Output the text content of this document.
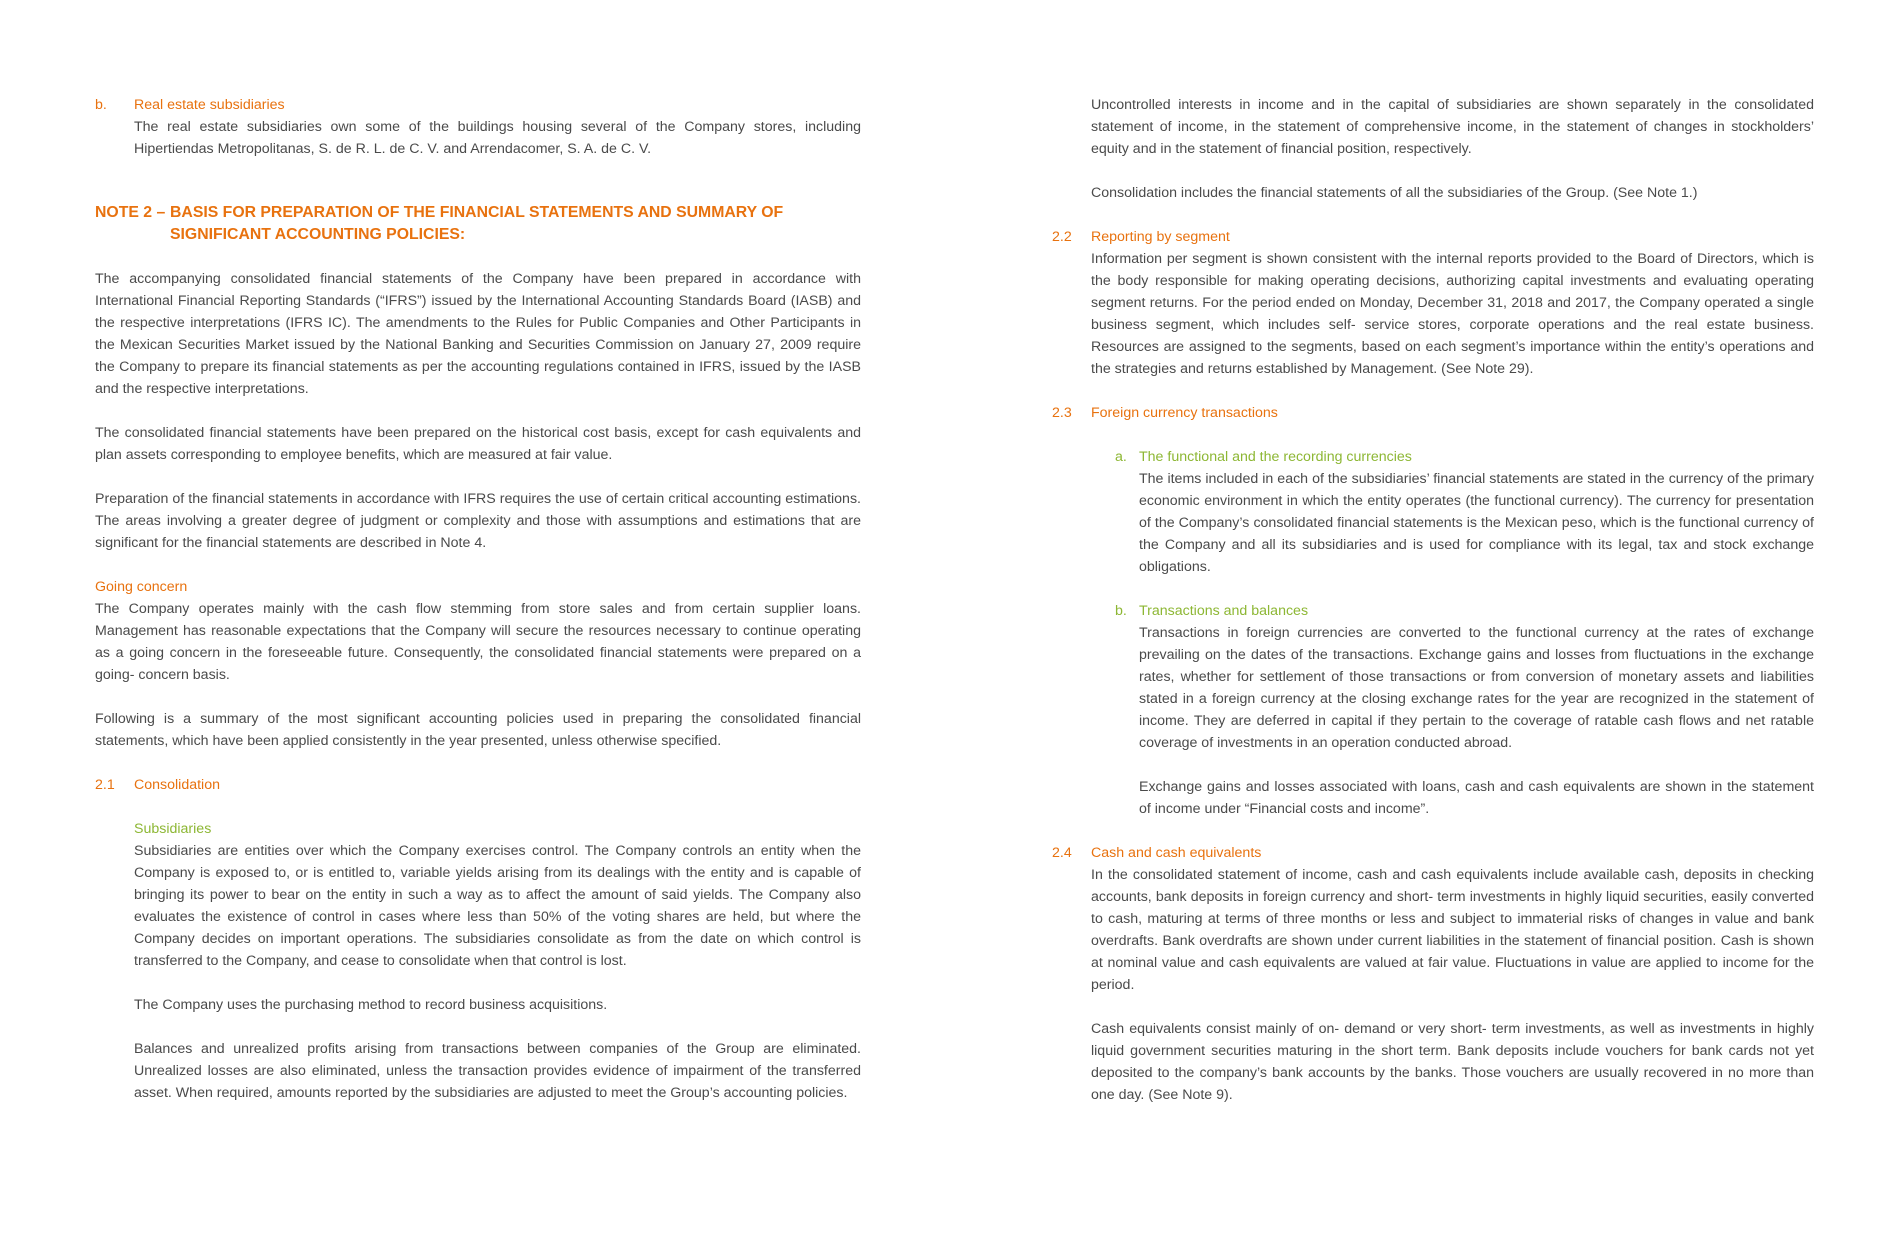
b. Real estate subsidiaries

The real estate subsidiaries own some of the buildings housing several of the Company stores, including Hipertiendas Metropolitanas, S. de R. L. de C. V. and Arrendacomer, S. A. de C. V.

NOTE 2 – BASIS FOR PREPARATION OF THE FINANCIAL STATEMENTS AND SUMMARY OF SIGNIFICANT ACCOUNTING POLICIES:

The accompanying consolidated financial statements of the Company have been prepared in accordance with International Financial Reporting Standards (“IFRS”) issued by the International Accounting Standards Board (IASB) and the respective interpretations (IFRS IC). The amendments to the Rules for Public Companies and Other Participants in the Mexican Securities Market issued by the National Banking and Securities Commission on January 27, 2009 require the Company to prepare its financial statements as per the accounting regulations contained in IFRS, issued by the IASB and the respective interpretations.

The consolidated financial statements have been prepared on the historical cost basis, except for cash equivalents and plan assets corresponding to employee benefits, which are measured at fair value.

Preparation of the financial statements in accordance with IFRS requires the use of certain critical accounting estimations. The areas involving a greater degree of judgment or complexity and those with assumptions and estimations that are significant for the financial statements are described in Note 4.

Going concern

The Company operates mainly with the cash flow stemming from store sales and from certain supplier loans. Management has reasonable expectations that the Company will secure the resources necessary to continue operating as a going concern in the foreseeable future. Consequently, the consolidated financial statements were prepared on a going- concern basis.

Following is a summary of the most significant accounting policies used in preparing the consolidated financial statements, which have been applied consistently in the year presented, unless otherwise specified.

2.1 Consolidation
Subsidiaries

Subsidiaries are entities over which the Company exercises control. The Company controls an entity when the Company is exposed to, or is entitled to, variable yields arising from its dealings with the entity and is capable of bringing its power to bear on the entity in such a way as to affect the amount of said yields. The Company also evaluates the existence of control in cases where less than 50% of the voting shares are held, but where the Company decides on important operations. The subsidiaries consolidate as from the date on which control is transferred to the Company, and cease to consolidate when that control is lost.

The Company uses the purchasing method to record business acquisitions.

Balances and unrealized profits arising from transactions between companies of the Group are eliminated. Unrealized losses are also eliminated, unless the transaction provides evidence of impairment of the transferred asset. When required, amounts reported by the subsidiaries are adjusted to meet the Group’s accounting policies.

Uncontrolled interests in income and in the capital of subsidiaries are shown separately in the consolidated statement of income, in the statement of comprehensive income, in the statement of changes in stockholders’ equity and in the statement of financial position, respectively.

Consolidation includes the financial statements of all the subsidiaries of the Group. (See Note 1.)

2.2 Reporting by segment

Information per segment is shown consistent with the internal reports provided to the Board of Directors, which is the body responsible for making operating decisions, authorizing capital investments and evaluating operating segment returns. For the period ended on Monday, December 31, 2018 and 2017, the Company operated a single business segment, which includes self- service stores, corporate operations and the real estate business. Resources are assigned to the segments, based on each segment’s importance within the entity’s operations and the strategies and returns established by Management. (See Note 29).

2.3 Foreign currency transactions
a. The functional and the recording currencies

The items included in each of the subsidiaries’ financial statements are stated in the currency of the primary economic environment in which the entity operates (the functional currency). The currency for presentation of the Company’s consolidated financial statements is the Mexican peso, which is the functional currency of the Company and all its subsidiaries and is used for compliance with its legal, tax and stock exchange obligations.

b. Transactions and balances

Transactions in foreign currencies are converted to the functional currency at the rates of exchange prevailing on the dates of the transactions. Exchange gains and losses from fluctuations in the exchange rates, whether for settlement of those transactions or from conversion of monetary assets and liabilities stated in a foreign currency at the closing exchange rates for the year are recognized in the statement of income. They are deferred in capital if they pertain to the coverage of ratable cash flows and net ratable coverage of investments in an operation conducted abroad.

Exchange gains and losses associated with loans, cash and cash equivalents are shown in the statement of income under “Financial costs and income”.

2.4 Cash and cash equivalents

In the consolidated statement of income, cash and cash equivalents include available cash, deposits in checking accounts, bank deposits in foreign currency and short- term investments in highly liquid securities, easily converted to cash, maturing at terms of three months or less and subject to immaterial risks of changes in value and bank overdrafts. Bank overdrafts are shown under current liabilities in the statement of financial position. Cash is shown at nominal value and cash equivalents are valued at fair value. Fluctuations in value are applied to income for the period.

Cash equivalents consist mainly of on- demand or very short- term investments, as well as investments in highly liquid government securities maturing in the short term. Bank deposits include vouchers for bank cards not yet deposited to the company’s bank accounts by the banks. Those vouchers are usually recovered in no more than one day. (See Note 9).
